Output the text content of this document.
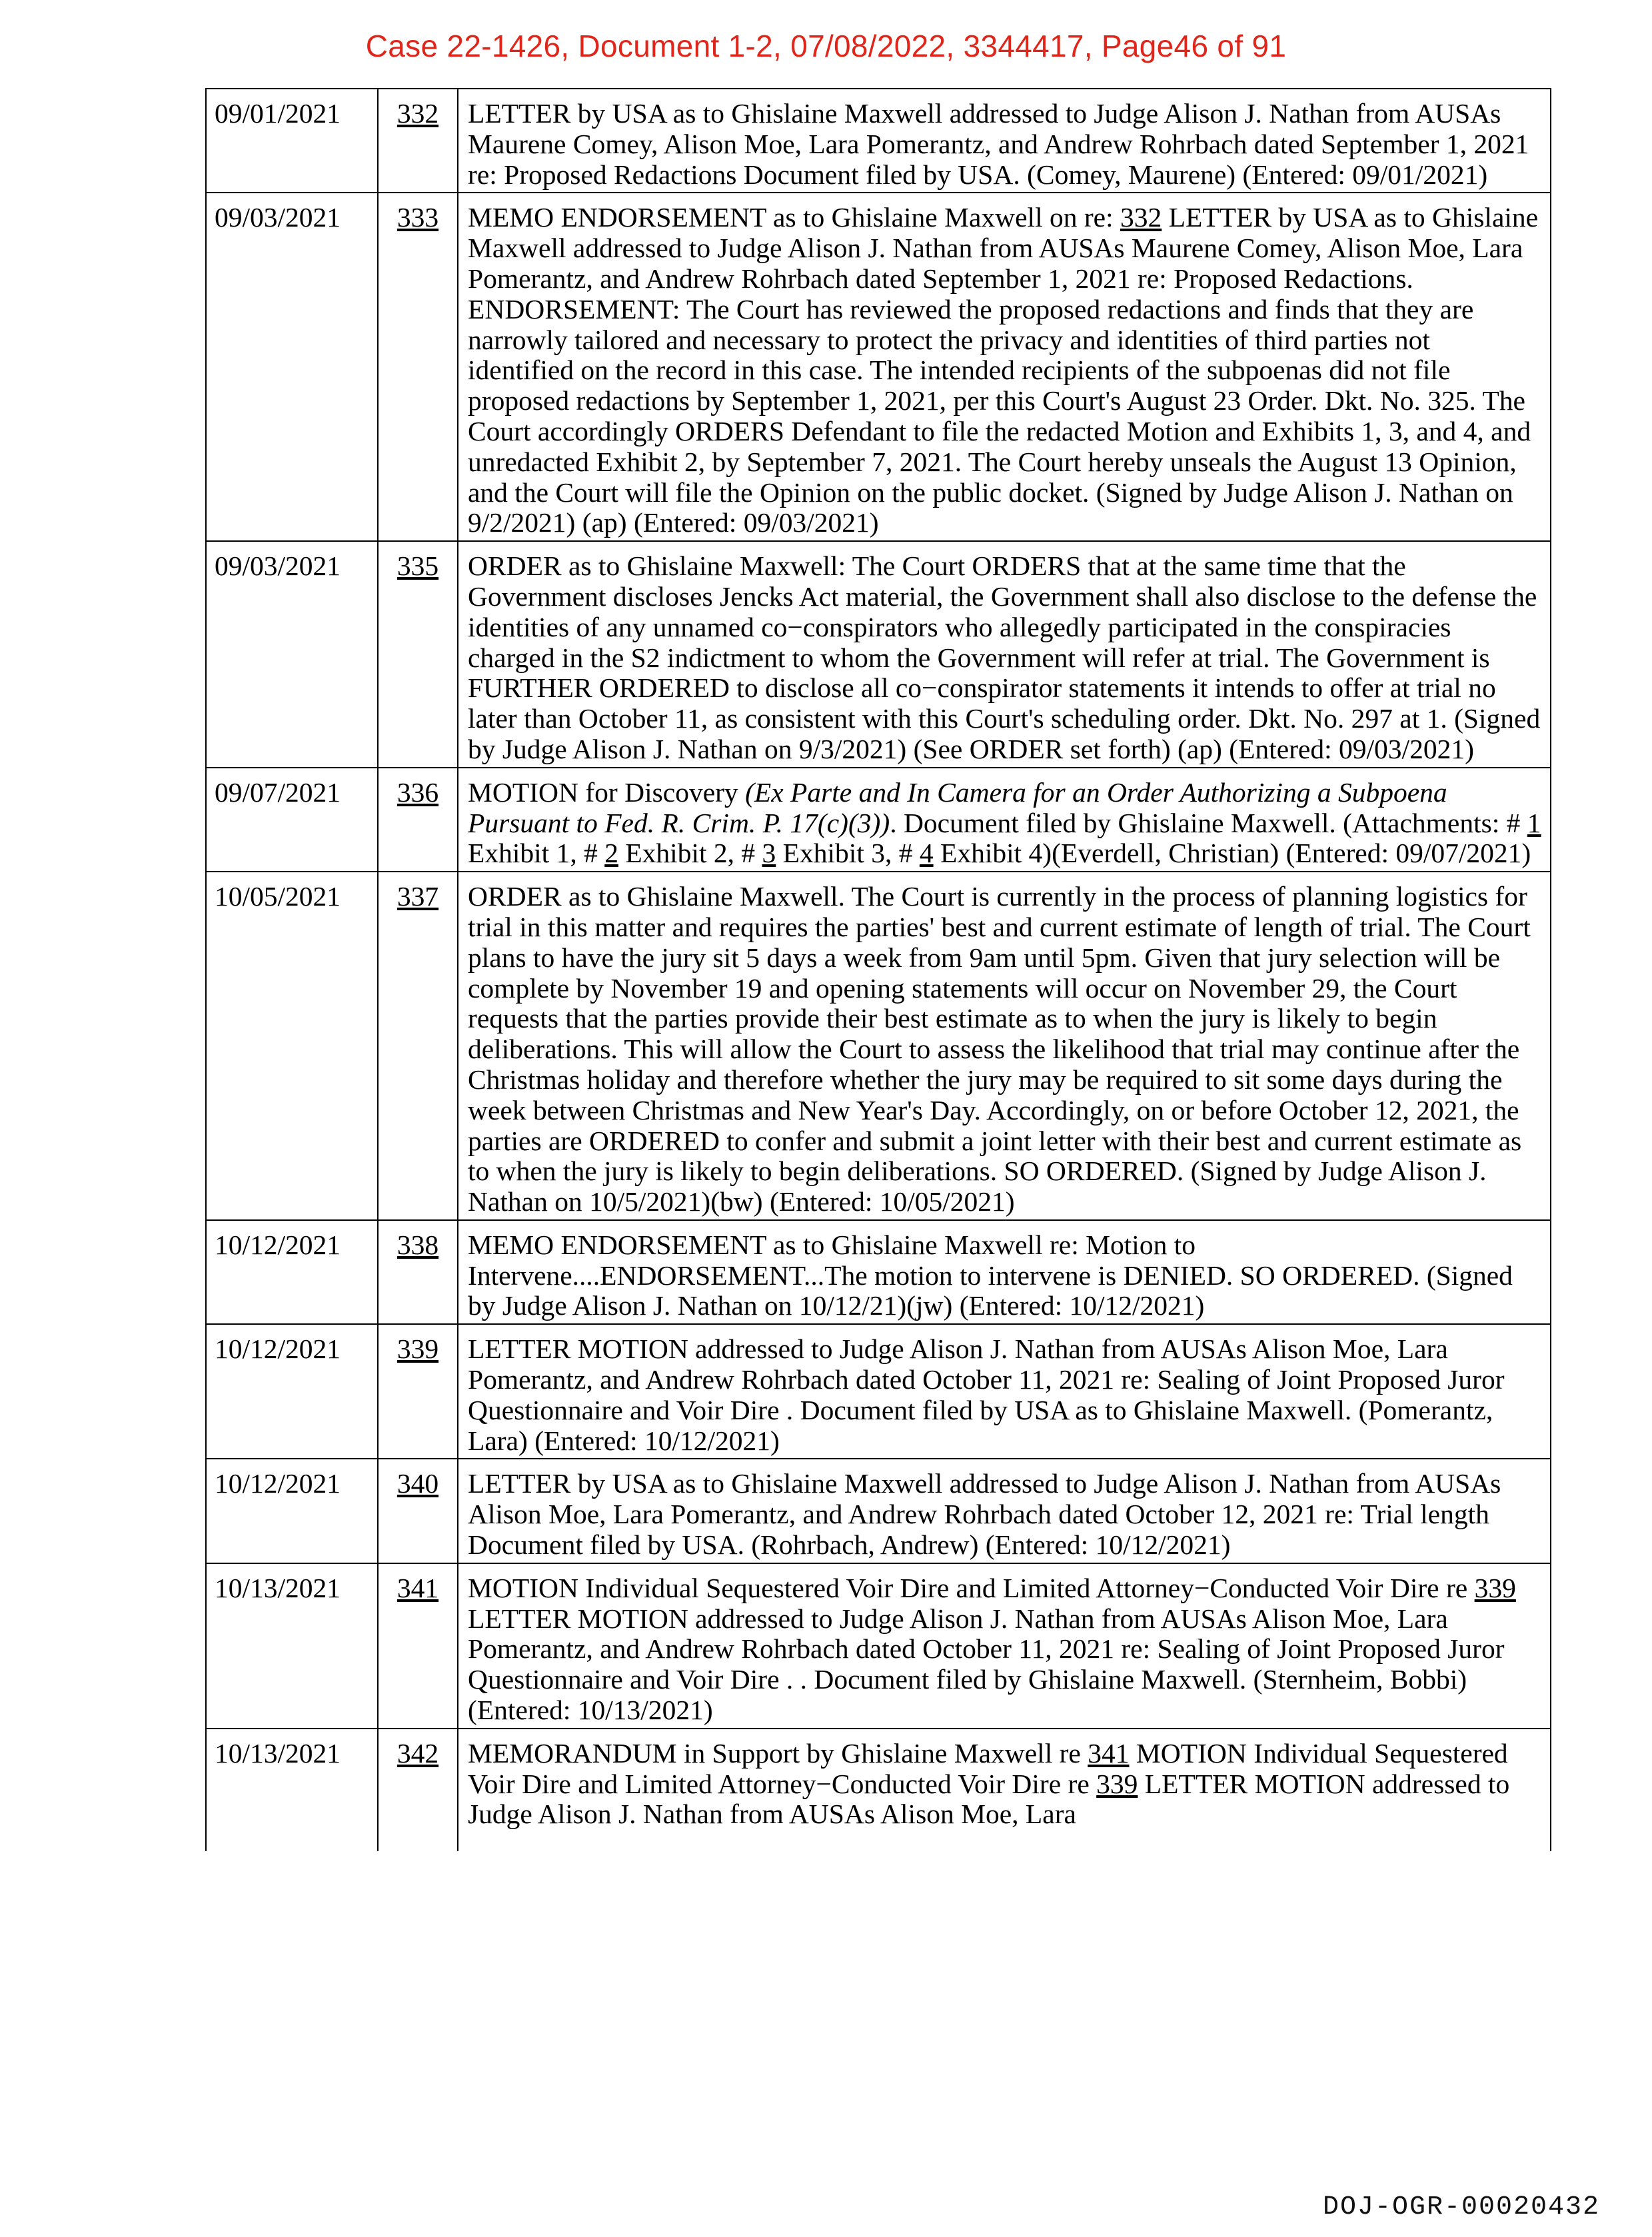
Case 22-1426, Document 1-2, 07/08/2022, 3344417, Page46 of 91
09/01/2021	332	LETTER by USA as to Ghislaine Maxwell addressed to Judge Alison J. Nathan from AUSAs Maurene Comey, Alison Moe, Lara Pomerantz, and Andrew Rohrbach dated September 1, 2021 re: Proposed Redactions Document filed by USA. (Comey, Maurene) (Entered: 09/01/2021)
09/03/2021	333	MEMO ENDORSEMENT as to Ghislaine Maxwell on re: 332 LETTER by USA as to Ghislaine Maxwell addressed to Judge Alison J. Nathan from AUSAs Maurene Comey, Alison Moe, Lara Pomerantz, and Andrew Rohrbach dated September 1, 2021 re: Proposed Redactions. ENDORSEMENT: The Court has reviewed the proposed redactions and finds that they are narrowly tailored and necessary to protect the privacy and identities of third parties not identified on the record in this case. The intended recipients of the subpoenas did not file proposed redactions by September 1, 2021, per this Court's August 23 Order. Dkt. No. 325. The Court accordingly ORDERS Defendant to file the redacted Motion and Exhibits 1, 3, and 4, and unredacted Exhibit 2, by September 7, 2021. The Court hereby unseals the August 13 Opinion, and the Court will file the Opinion on the public docket. (Signed by Judge Alison J. Nathan on 9/2/2021) (ap) (Entered: 09/03/2021)
09/03/2021	335	ORDER as to Ghislaine Maxwell: The Court ORDERS that at the same time that the Government discloses Jencks Act material, the Government shall also disclose to the defense the identities of any unnamed co−conspirators who allegedly participated in the conspiracies charged in the S2 indictment to whom the Government will refer at trial. The Government is FURTHER ORDERED to disclose all co−conspirator statements it intends to offer at trial no later than October 11, as consistent with this Court's scheduling order. Dkt. No. 297 at 1. (Signed by Judge Alison J. Nathan on 9/3/2021) (See ORDER set forth) (ap) (Entered: 09/03/2021)
09/07/2021	336	MOTION for Discovery (Ex Parte and In Camera for an Order Authorizing a Subpoena Pursuant to Fed. R. Crim. P. 17(c)(3)). Document filed by Ghislaine Maxwell. (Attachments: # 1 Exhibit 1, # 2 Exhibit 2, # 3 Exhibit 3, # 4 Exhibit 4)(Everdell, Christian) (Entered: 09/07/2021)
10/05/2021	337	ORDER as to Ghislaine Maxwell. The Court is currently in the process of planning logistics for trial in this matter and requires the parties' best and current estimate of length of trial. The Court plans to have the jury sit 5 days a week from 9am until 5pm. Given that jury selection will be complete by November 19 and opening statements will occur on November 29, the Court requests that the parties provide their best estimate as to when the jury is likely to begin deliberations. This will allow the Court to assess the likelihood that trial may continue after the Christmas holiday and therefore whether the jury may be required to sit some days during the week between Christmas and New Year's Day. Accordingly, on or before October 12, 2021, the parties are ORDERED to confer and submit a joint letter with their best and current estimate as to when the jury is likely to begin deliberations. SO ORDERED. (Signed by Judge Alison J. Nathan on 10/5/2021)(bw) (Entered: 10/05/2021)
10/12/2021	338	MEMO ENDORSEMENT as to Ghislaine Maxwell re: Motion to Intervene....ENDORSEMENT...The motion to intervene is DENIED. SO ORDERED. (Signed by Judge Alison J. Nathan on 10/12/21)(jw) (Entered: 10/12/2021)
10/12/2021	339	LETTER MOTION addressed to Judge Alison J. Nathan from AUSAs Alison Moe, Lara Pomerantz, and Andrew Rohrbach dated October 11, 2021 re: Sealing of Joint Proposed Juror Questionnaire and Voir Dire . Document filed by USA as to Ghislaine Maxwell. (Pomerantz, Lara) (Entered: 10/12/2021)
10/12/2021	340	LETTER by USA as to Ghislaine Maxwell addressed to Judge Alison J. Nathan from AUSAs Alison Moe, Lara Pomerantz, and Andrew Rohrbach dated October 12, 2021 re: Trial length Document filed by USA. (Rohrbach, Andrew) (Entered: 10/12/2021)
10/13/2021	341	MOTION Individual Sequestered Voir Dire and Limited Attorney−Conducted Voir Dire re 339 LETTER MOTION addressed to Judge Alison J. Nathan from AUSAs Alison Moe, Lara Pomerantz, and Andrew Rohrbach dated October 11, 2021 re: Sealing of Joint Proposed Juror Questionnaire and Voir Dire . . Document filed by Ghislaine Maxwell. (Sternheim, Bobbi) (Entered: 10/13/2021)
10/13/2021	342	MEMORANDUM in Support by Ghislaine Maxwell re 341 MOTION Individual Sequestered Voir Dire and Limited Attorney−Conducted Voir Dire re 339 LETTER MOTION addressed to Judge Alison J. Nathan from AUSAs Alison Moe, Lara
DOJ-OGR-00020432
